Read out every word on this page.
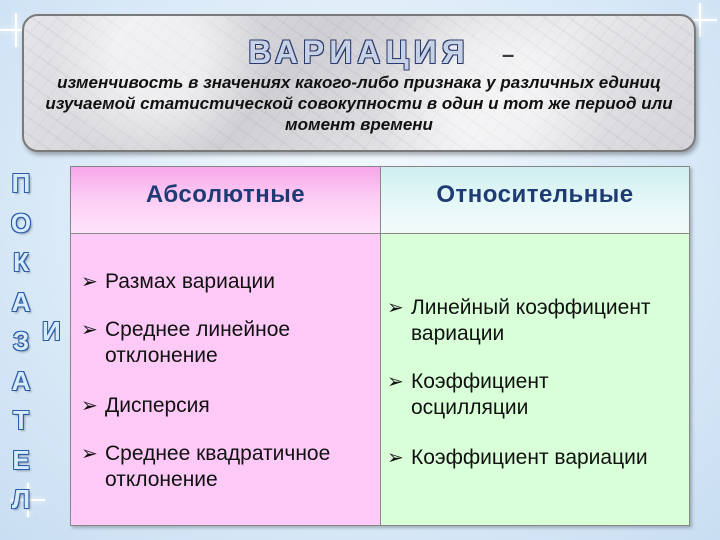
ВАРИАЦИЯ	–
изменчивость в значениях какого-либо признака у различных единиц изучаемой статистической совокупности в один и тот же период или момент времени
П
О
К
А
З
А
Т
Е
Л
И
Абсолютные
➢ Размах вариации
➢ Среднее линейное отклонение
➢ Дисперсия
➢ Среднее квадратичное отклонение
Относительные
➢ Линейный коэффициент вариации
➢ Коэффициент осцилляции
➢ Коэффициент вариации
